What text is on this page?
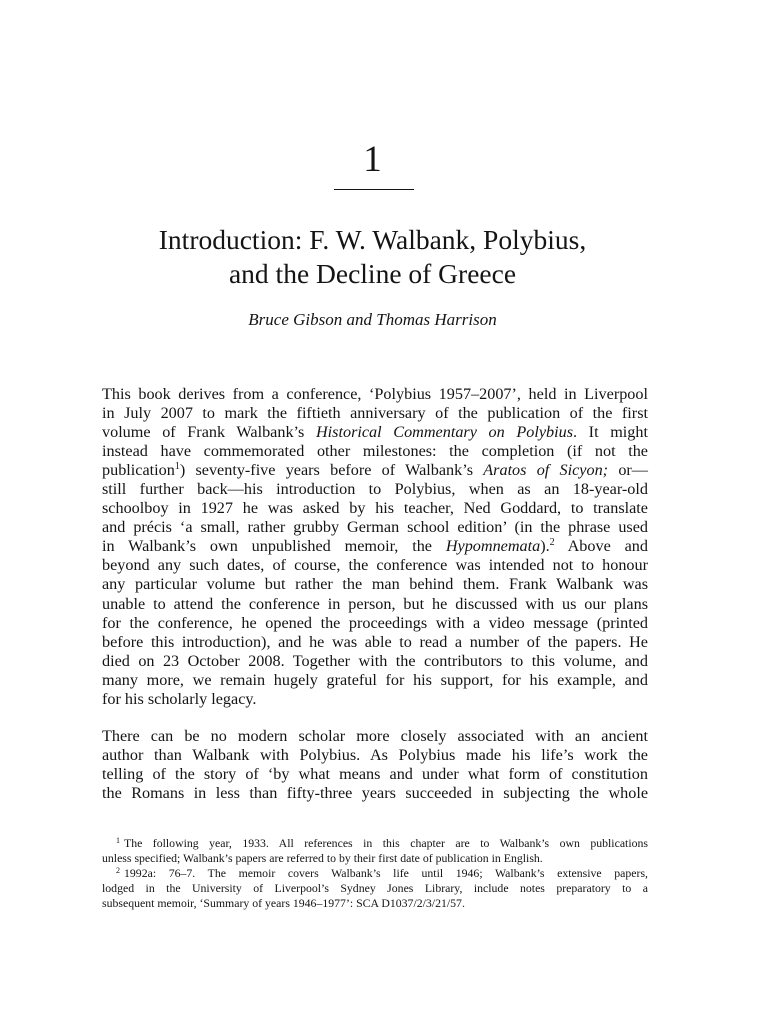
1
Introduction: F. W. Walbank, Polybius,
and the Decline of Greece
Bruce Gibson and Thomas Harrison
This book derives from a conference, ‘Polybius 1957–2007’, held in Liverpool
in July 2007 to mark the fiftieth anniversary of the publication of the first
volume of Frank Walbank’s Historical Commentary on Polybius. It might
instead have commemorated other milestones: the completion (if not the
publication$^1$) seventy-five years before of Walbank’s Aratos of Sicyon; or—
still further back—his introduction to Polybius, when as an 18-year-old
schoolboy in 1927 he was asked by his teacher, Ned Goddard, to translate
and précis ‘a small, rather grubby German school edition’ (in the phrase used
in Walbank’s own unpublished memoir, the Hypomnemata).$^2$ Above and
beyond any such dates, of course, the conference was intended not to honour
any particular volume but rather the man behind them. Frank Walbank was
unable to attend the conference in person, but he discussed with us our plans
for the conference, he opened the proceedings with a video message (printed
before this introduction), and he was able to read a number of the papers. He
died on 23 October 2008. Together with the contributors to this volume, and
many more, we remain hugely grateful for his support, for his example, and
for his scholarly legacy.
There can be no modern scholar more closely associated with an ancient
author than Walbank with Polybius. As Polybius made his life’s work the
telling of the story of ‘by what means and under what form of constitution
the Romans in less than fifty-three years succeeded in subjecting the whole
$^1$ The following year, 1933. All references in this chapter are to Walbank’s own publications
unless specified; Walbank’s papers are referred to by their first date of publication in English.
$^2$ 1992a: 76–7. The memoir covers Walbank’s life until 1946; Walbank’s extensive papers,
lodged in the University of Liverpool’s Sydney Jones Library, include notes preparatory to a
subsequent memoir, ‘Summary of years 1946–1977’: SCA D1037/2/3/21/57.
